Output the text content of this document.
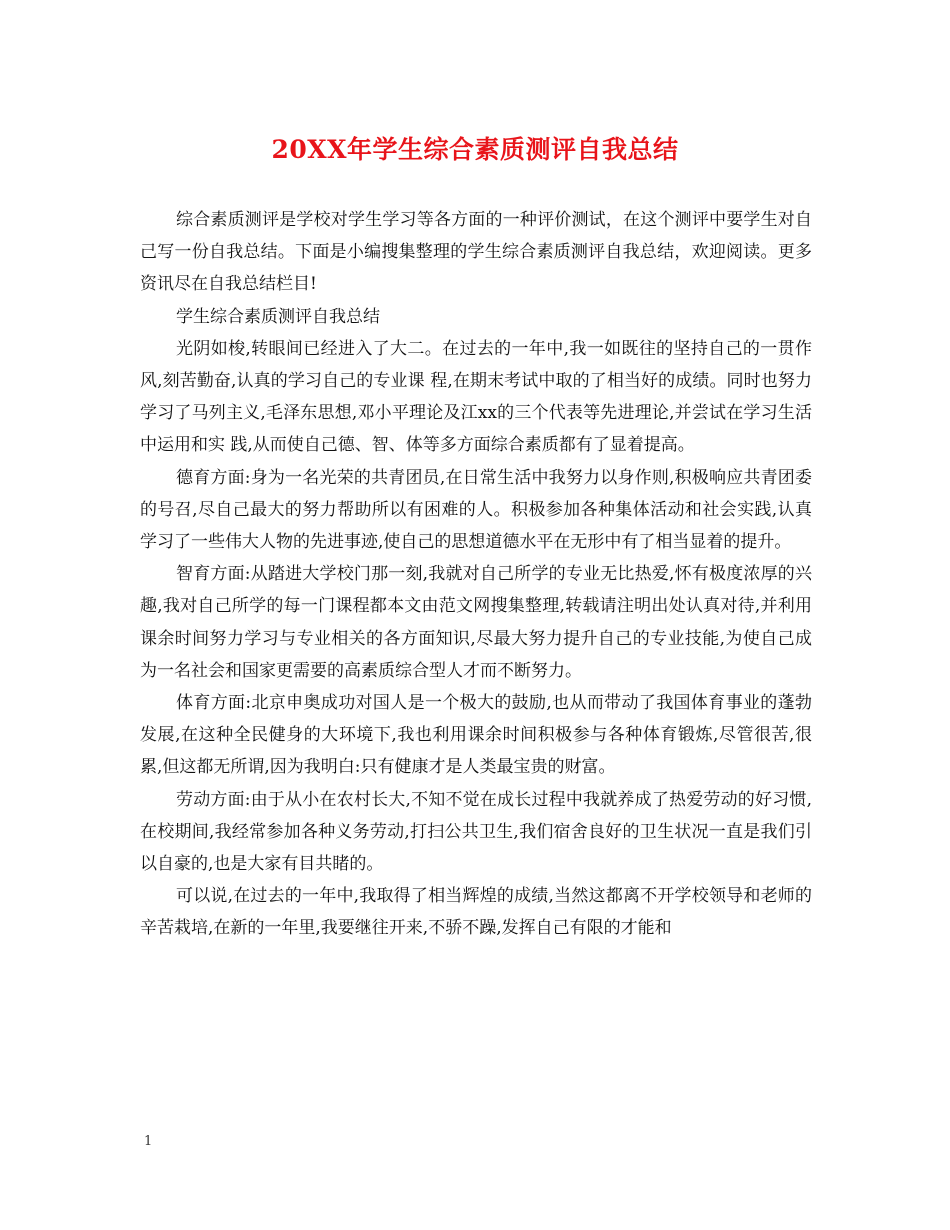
20XX年学生综合素质测评自我总结

综合素质测评是学校对学生学习等各方面的一种评价测试，在这个测评中要学生对自己写一份自我总结。下面是小编搜集整理的学生综合素质测评自我总结，欢迎阅读。更多资讯尽在自我总结栏目!

学生综合素质测评自我总结

光阴如梭,转眼间已经进入了大二。在过去的一年中,我一如既往的坚持自己的一贯作风,刻苦勤奋,认真的学习自己的专业课 程,在期末考试中取的了相当好的成绩。同时也努力学习了马列主义,毛泽东思想,邓小平理论及江xx的三个代表等先进理论,并尝试在学习生活中运用和实 践,从而使自己德、智、体等多方面综合素质都有了显着提高。

德育方面:身为一名光荣的共青团员,在日常生活中我努力以身作则,积极响应共青团委的号召,尽自己最大的努力帮助所以有困难的人。积极参加各种集体活动和社会实践,认真学习了一些伟大人物的先进事迹,使自己的思想道德水平在无形中有了相当显着的提升。

智育方面:从踏进大学校门那一刻,我就对自己所学的专业无比热爱,怀有极度浓厚的兴趣,我对自己所学的每一门课程都本文由范文网搜集整理,转载请注明出处认真对待,并利用课余时间努力学习与专业相关的各方面知识,尽最大努力提升自己的专业技能,为使自己成为一名社会和国家更需要的高素质综合型人才而不断努力。

体育方面:北京申奥成功对国人是一个极大的鼓励,也从而带动了我国体育事业的蓬勃发展,在这种全民健身的大环境下,我也利用课余时间积极参与各种体育锻炼,尽管很苦,很累,但这都无所谓,因为我明白:只有健康才是人类最宝贵的财富。

劳动方面:由于从小在农村长大,不知不觉在成长过程中我就养成了热爱劳动的好习惯,在校期间,我经常参加各种义务劳动,打扫公共卫生,我们宿舍良好的卫生状况一直是我们引以自豪的,也是大家有目共睹的。

可以说,在过去的一年中,我取得了相当辉煌的成绩,当然这都离不开学校领导和老师的辛苦栽培,在新的一年里,我要继往开来,不骄不躁,发挥自己有限的才能和

1
